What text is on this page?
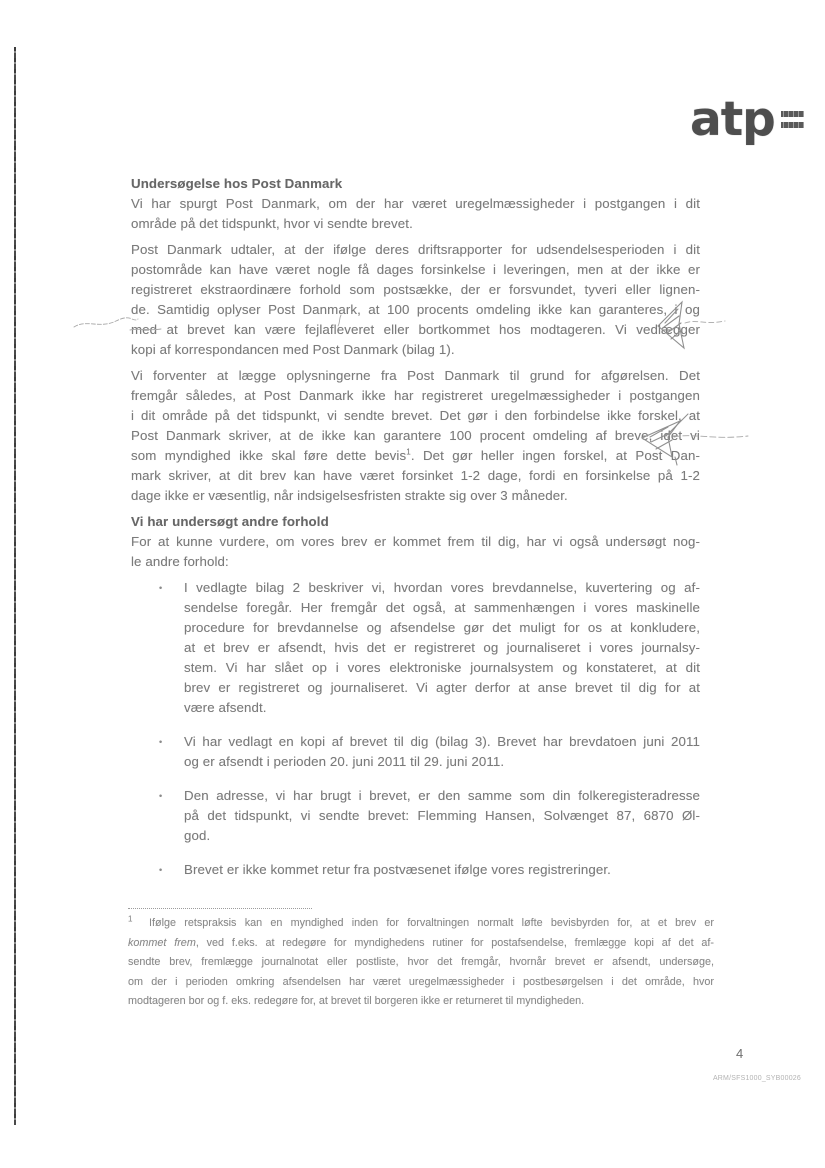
atp
Undersøgelse hos Post Danmark
Vi har spurgt Post Danmark, om der har været uregelmæssigheder i postgangen i dit
område på det tidspunkt, hvor vi sendte brevet.
Post Danmark udtaler, at der ifølge deres driftsrapporter for udsendelsesperioden i dit
postområde kan have været nogle få dages forsinkelse i leveringen, men at der ikke er
registreret ekstraordinære forhold som postsække, der er forsvundet, tyveri eller lignen-
de. Samtidig oplyser Post Danmark, at 100 procents omdeling ikke kan garanteres, i og
med at brevet kan være fejlafleveret eller bortkommet hos modtageren. Vi vedlægger
kopi af korrespondancen med Post Danmark (bilag 1).
Vi forventer at lægge oplysningerne fra Post Danmark til grund for afgørelsen. Det
fremgår således, at Post Danmark ikke har registreret uregelmæssigheder i postgangen
i dit område på det tidspunkt, vi sendte brevet. Det gør i den forbindelse ikke forskel, at
Post Danmark skriver, at de ikke kan garantere 100 procent omdeling af breve, idet vi
som myndighed ikke skal føre dette bevis$^1$. Det gør heller ingen forskel, at Post Dan-
mark skriver, at dit brev kan have været forsinket 1-2 dage, fordi en forsinkelse på 1-2
dage ikke er væsentlig, når indsigelsesfristen strakte sig over 3 måneder.
Vi har undersøgt andre forhold
For at kunne vurdere, om vores brev er kommet frem til dig, har vi også undersøgt nog-
le andre forhold:
•	I vedlagte bilag 2 beskriver vi, hvordan vores brevdannelse, kuvertering og af-
sendelse foregår. Her fremgår det også, at sammenhængen i vores maskinelle
procedure for brevdannelse og afsendelse gør det muligt for os at konkludere,
at et brev er afsendt, hvis det er registreret og journaliseret i vores journalsy-
stem. Vi har slået op i vores elektroniske journalsystem og konstateret, at dit
brev er registreret og journaliseret. Vi agter derfor at anse brevet til dig for at
være afsendt.
•	Vi har vedlagt en kopi af brevet til dig (bilag 3). Brevet har brevdatoen juni 2011
og er afsendt i perioden 20. juni 2011 til 29. juni 2011.
•	Den adresse, vi har brugt i brevet, er den samme som din folkeregisteradresse
på det tidspunkt, vi sendte brevet: Flemming Hansen, Solvænget 87, 6870 Øl-
god.
•	Brevet er ikke kommet retur fra postvæsenet ifølge vores registreringer.
$^1$  Ifølge retspraksis kan en myndighed inden for forvaltningen normalt løfte bevisbyrden for, at et brev er
kommet frem, ved f.eks. at redegøre for myndighedens rutiner for postafsendelse, fremlægge kopi af det af-
sendte brev, fremlægge journalnotat eller postliste, hvor det fremgår, hvornår brevet er afsendt, undersøge,
om der i perioden omkring afsendelsen har været uregelmæssigheder i postbesørgelsen i det område, hvor
modtageren bor og f. eks. redegøre for, at brevet til borgeren ikke er returneret til myndigheden.
4
ARM/SFS1000_SYB00026
